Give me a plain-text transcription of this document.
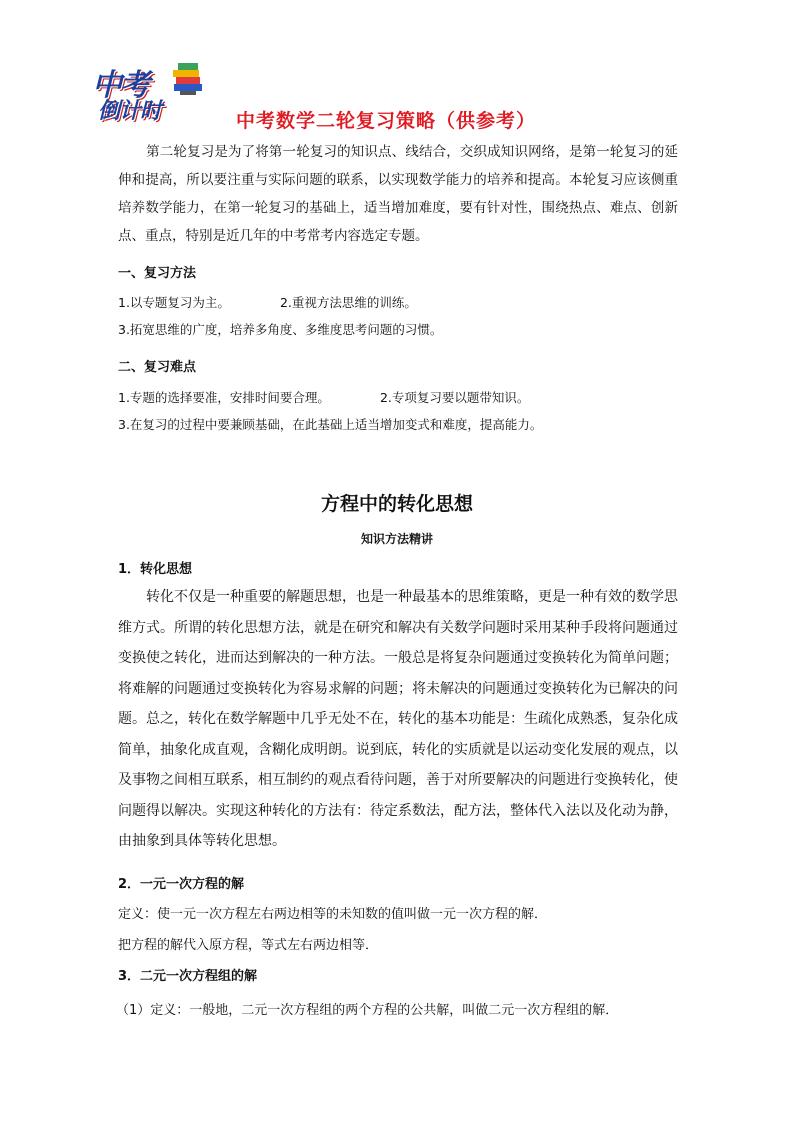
中考
倒计时	中考数学二轮复习策略（供参考）
第二轮复习是为了将第一轮复习的知识点、线结合，交织成知识网络，是第一轮复习的延伸和提高，所以要注重与实际问题的联系，以实现数学能力的培养和提高。本轮复习应该侧重培养数学能力，在第一轮复习的基础上，适当增加难度，要有针对性，围绕热点、难点、创新点、重点，特别是近几年的中考常考内容选定专题。
一、复习方法
1.以专题复习为主。	2.重视方法思维的训练。
3.拓宽思维的广度，培养多角度、多维度思考问题的习惯。
二、复习难点
1.专题的选择要准，安排时间要合理。	2.专项复习要以题带知识。
3.在复习的过程中要兼顾基础，在此基础上适当增加变式和难度，提高能力。
方程中的转化思想
知识方法精讲
1．转化思想
转化不仅是一种重要的解题思想，也是一种最基本的思维策略，更是一种有效的数学思维方式。所谓的转化思想方法，就是在研究和解决有关数学问题时采用某种手段将问题通过变换使之转化，进而达到解决的一种方法。一般总是将复杂问题通过变换转化为简单问题；将难解的问题通过变换转化为容易求解的问题；将未解决的问题通过变换转化为已解决的问题。总之，转化在数学解题中几乎无处不在，转化的基本功能是：生疏化成熟悉，复杂化成简单，抽象化成直观，含糊化成明朗。说到底，转化的实质就是以运动变化发展的观点，以及事物之间相互联系，相互制约的观点看待问题，善于对所要解决的问题进行变换转化，使问题得以解决。实现这种转化的方法有：待定系数法，配方法，整体代入法以及化动为静，由抽象到具体等转化思想。
2．一元一次方程的解
定义：使一元一次方程左右两边相等的未知数的值叫做一元一次方程的解．
把方程的解代入原方程，等式左右两边相等．
3．二元一次方程组的解
（1）定义：一般地，二元一次方程组的两个方程的公共解，叫做二元一次方程组的解．
